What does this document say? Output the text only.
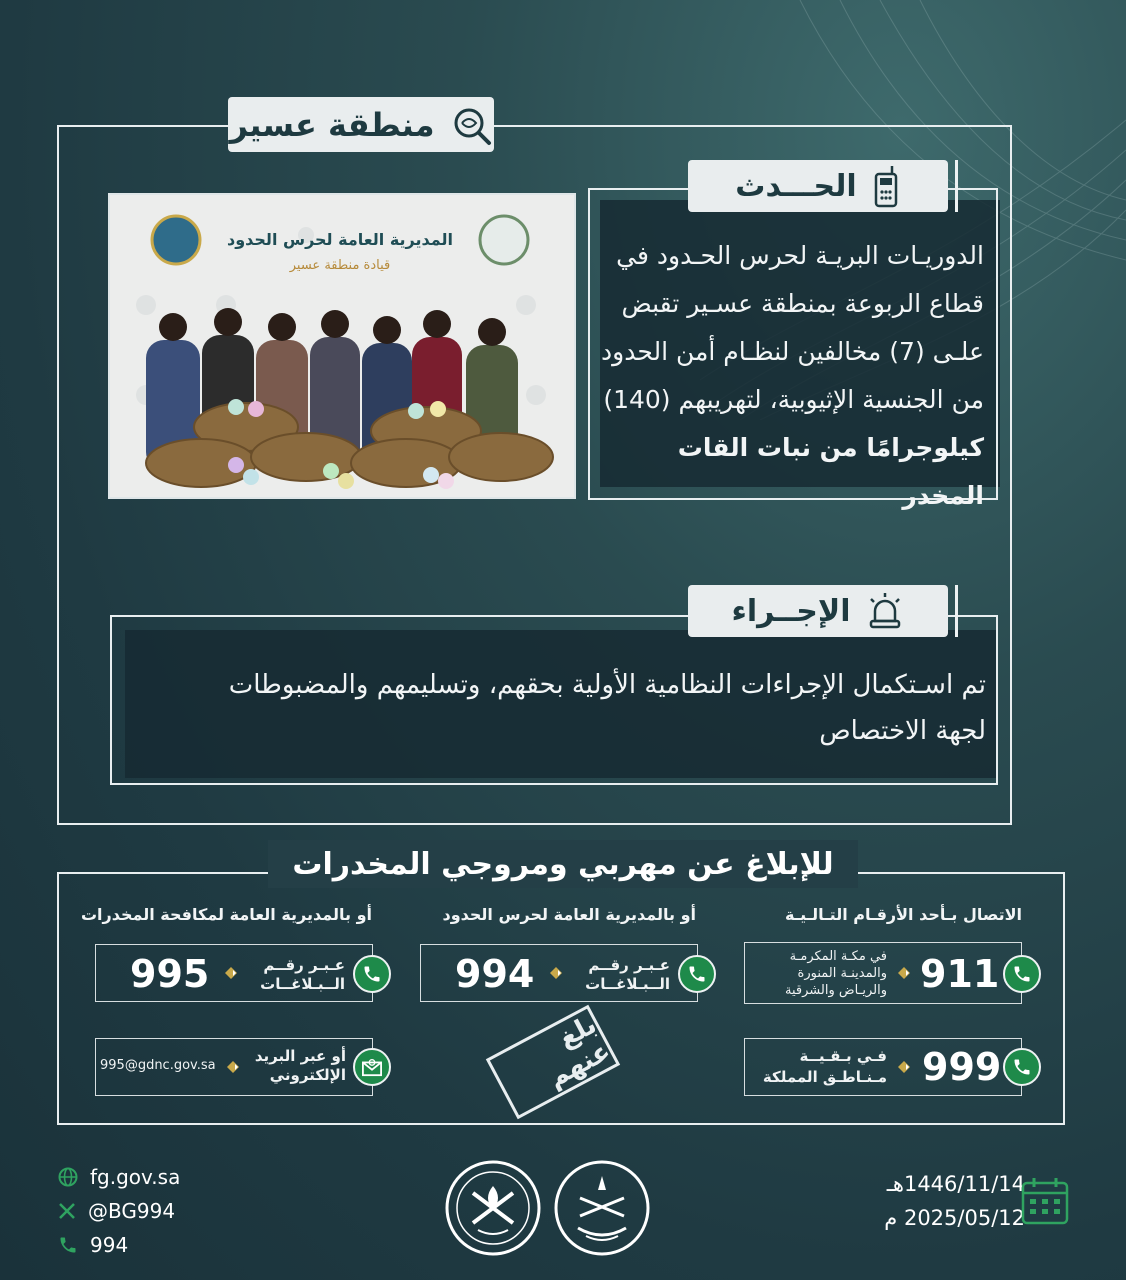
منطقة عسير
الحـــدث
الدوريـات البريـة لحرس الحـدود في
قطاع الربوعة بمنطقة عسـير تقبض
علـى (7) مخالفين لنظـام أمن الحدود
من الجنسية الإثيوبية، لتهريبهم (140)
كيلوجرامًا من نبات القات المخدر
المديرية العامة لحرس الحدود
قيادة منطقة عسير
الإجــراء
تم اسـتكمال الإجراءات النظامية الأولية بحقهم، وتسليمهم والمضبوطات
لجهة الاختصاص
للإبلاغ عن مهربي ومروجي المخدرات
الاتصال بـأحد الأرقـام التـالـيـة
أو بالمديرية العامة لحرس الحدود
أو بالمديرية العامة لمكافحة المخدرات
911
في مكـة المكرمـة
والمدينـة المنورة
والريـاض والشرقية
999
فـي بـقـيــة
مـنـاطـق المملكة
عـبـر رقــم
الــبـلاغــات
994
عـبـر رقــم
الــبـلاغــات
995
أو عبر البريد
الإلكتروني
995@gdnc.gov.sa
بلغ عنهم
fg.gov.sa
@BG994
994
1446/11/14هـ
2025/05/12 م
